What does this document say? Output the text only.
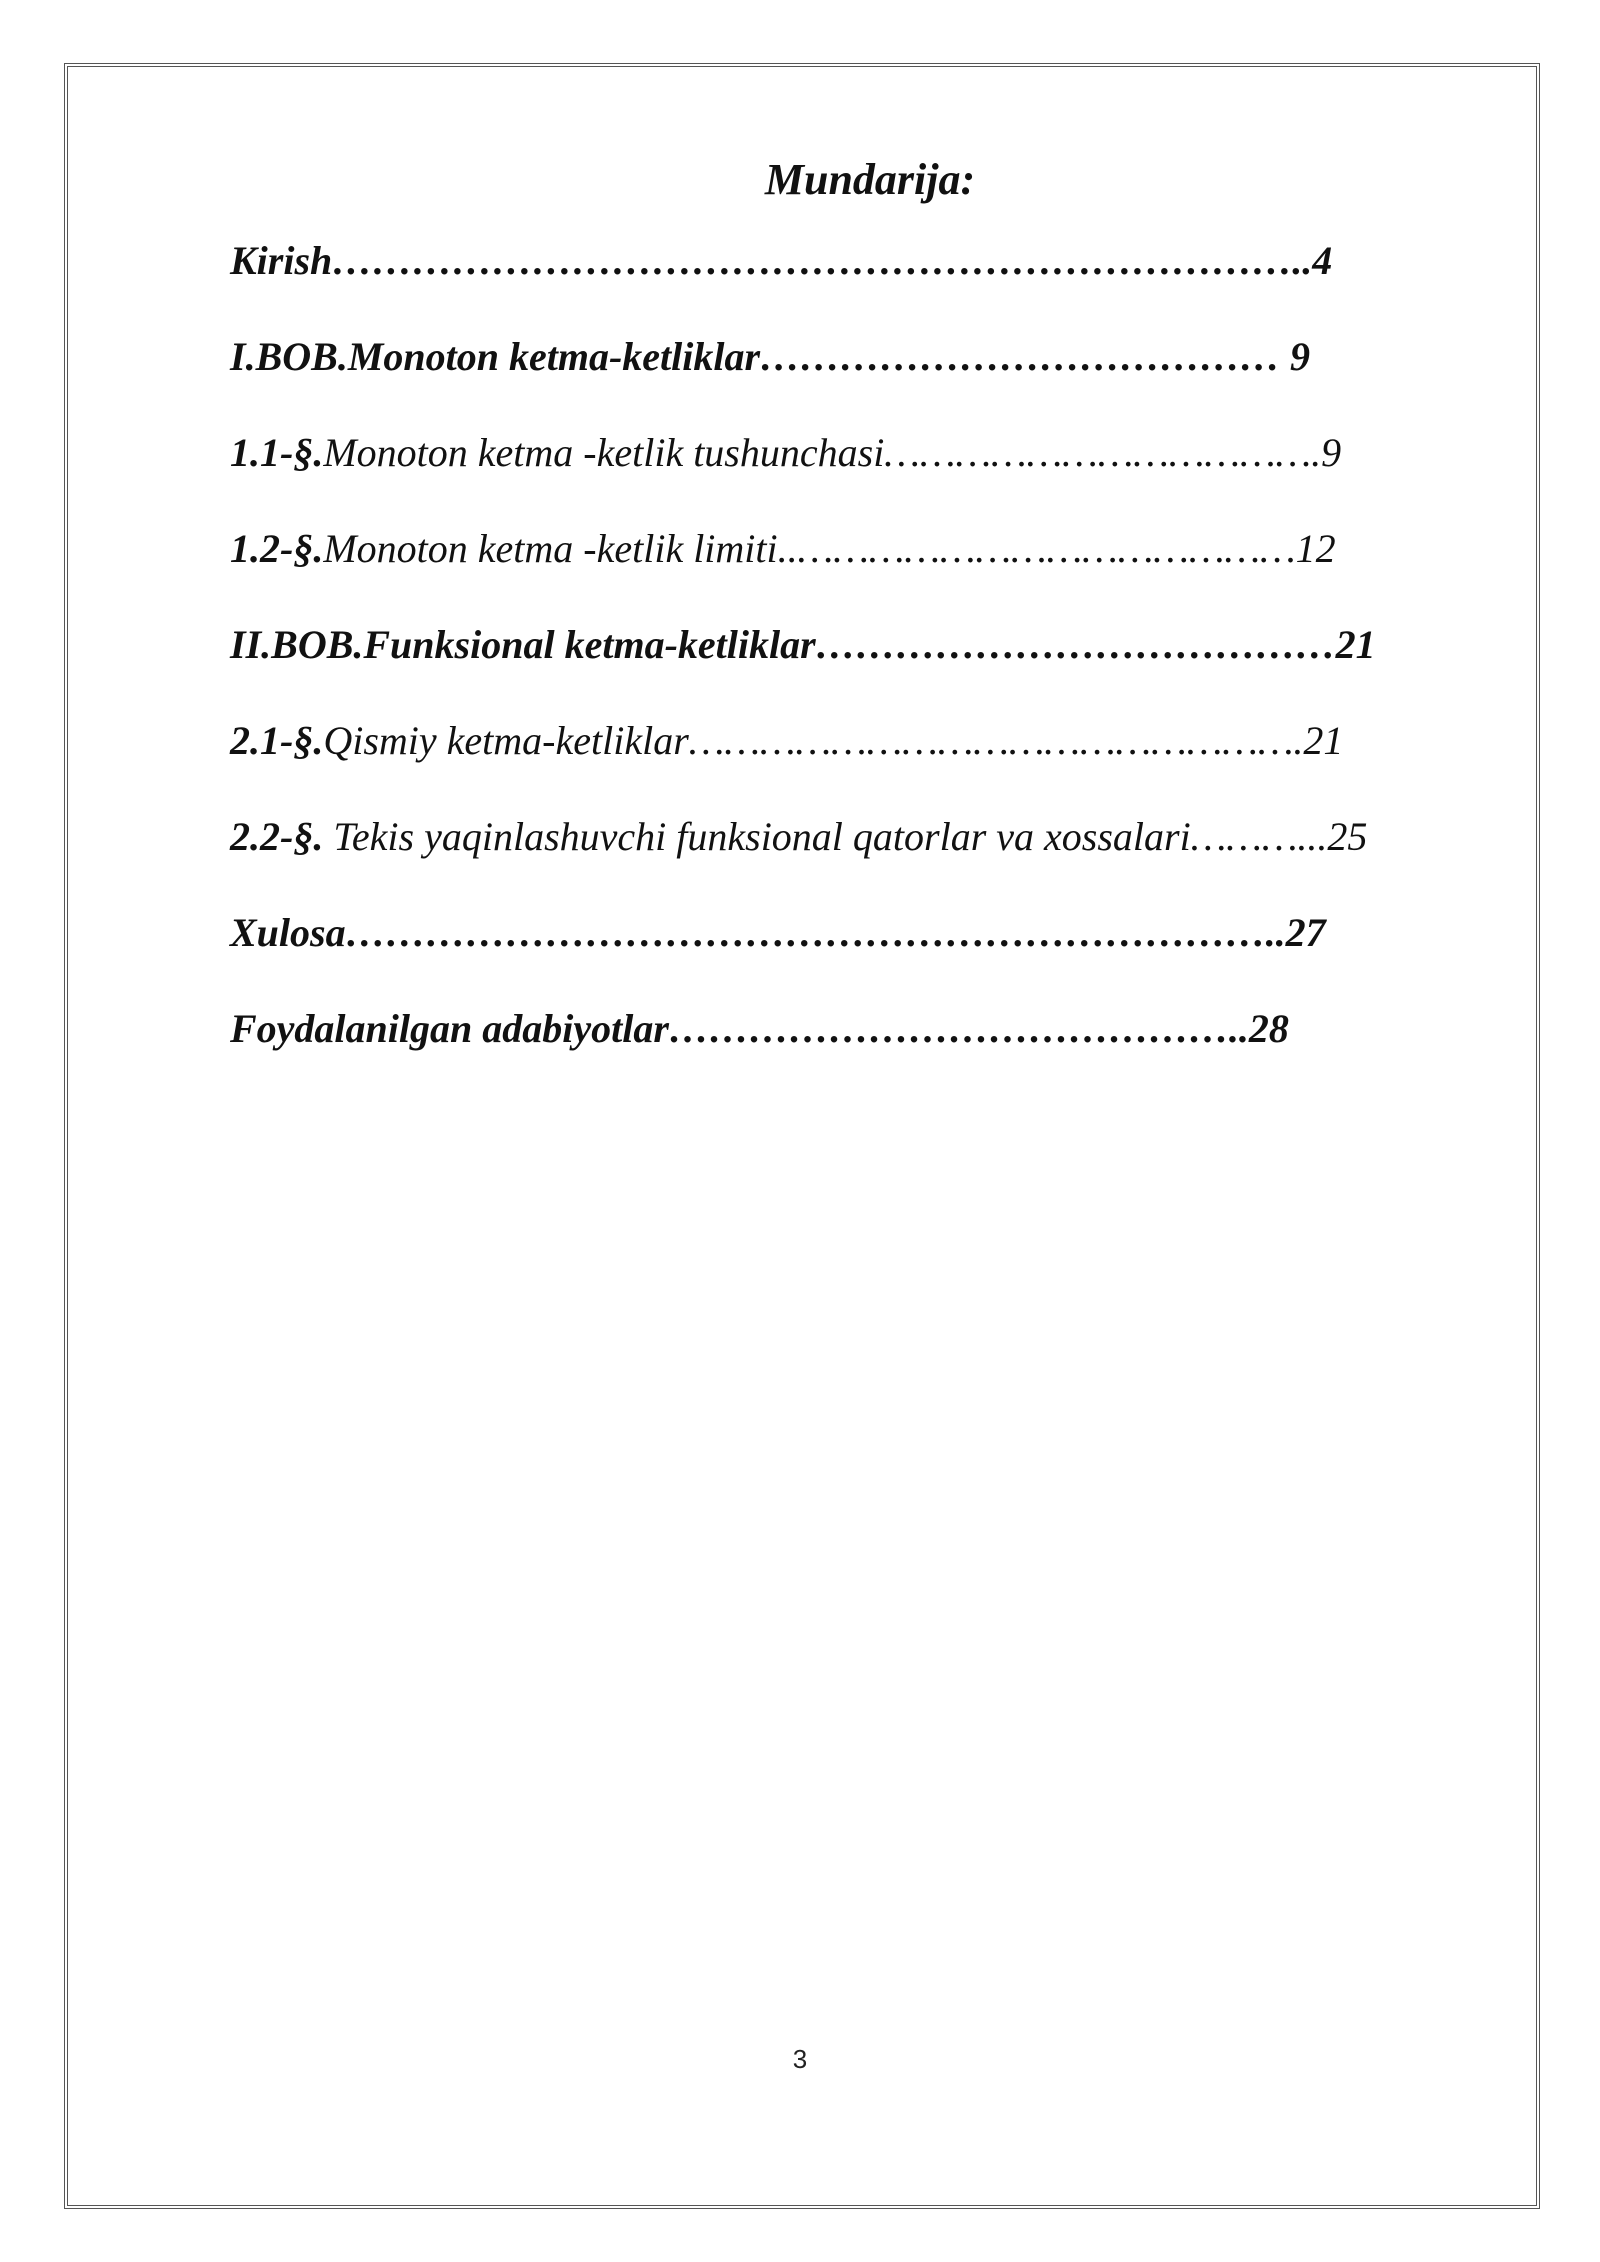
Mundarija:
Kirish………………………………………………………………..4
I.BOB.Monoton ketma-ketliklar………………………………… 9
1.1-§.Monoton ketma -ketlik tushunchasi……………………………….9
1.2-§.Monoton ketma -ketlik limiti..……………………………………12
II.BOB.Funksional ketma-ketliklar…………………………………21
2.1-§.Qismiy ketma-ketliklar…………………………………………….21
2.2-§. Tekis yaqinlashuvchi funksional qatorlar va xossalari………...25
Xulosa……………………………………………………………..27
Foydalanilgan adabiyotlar……………………………………..28
3
